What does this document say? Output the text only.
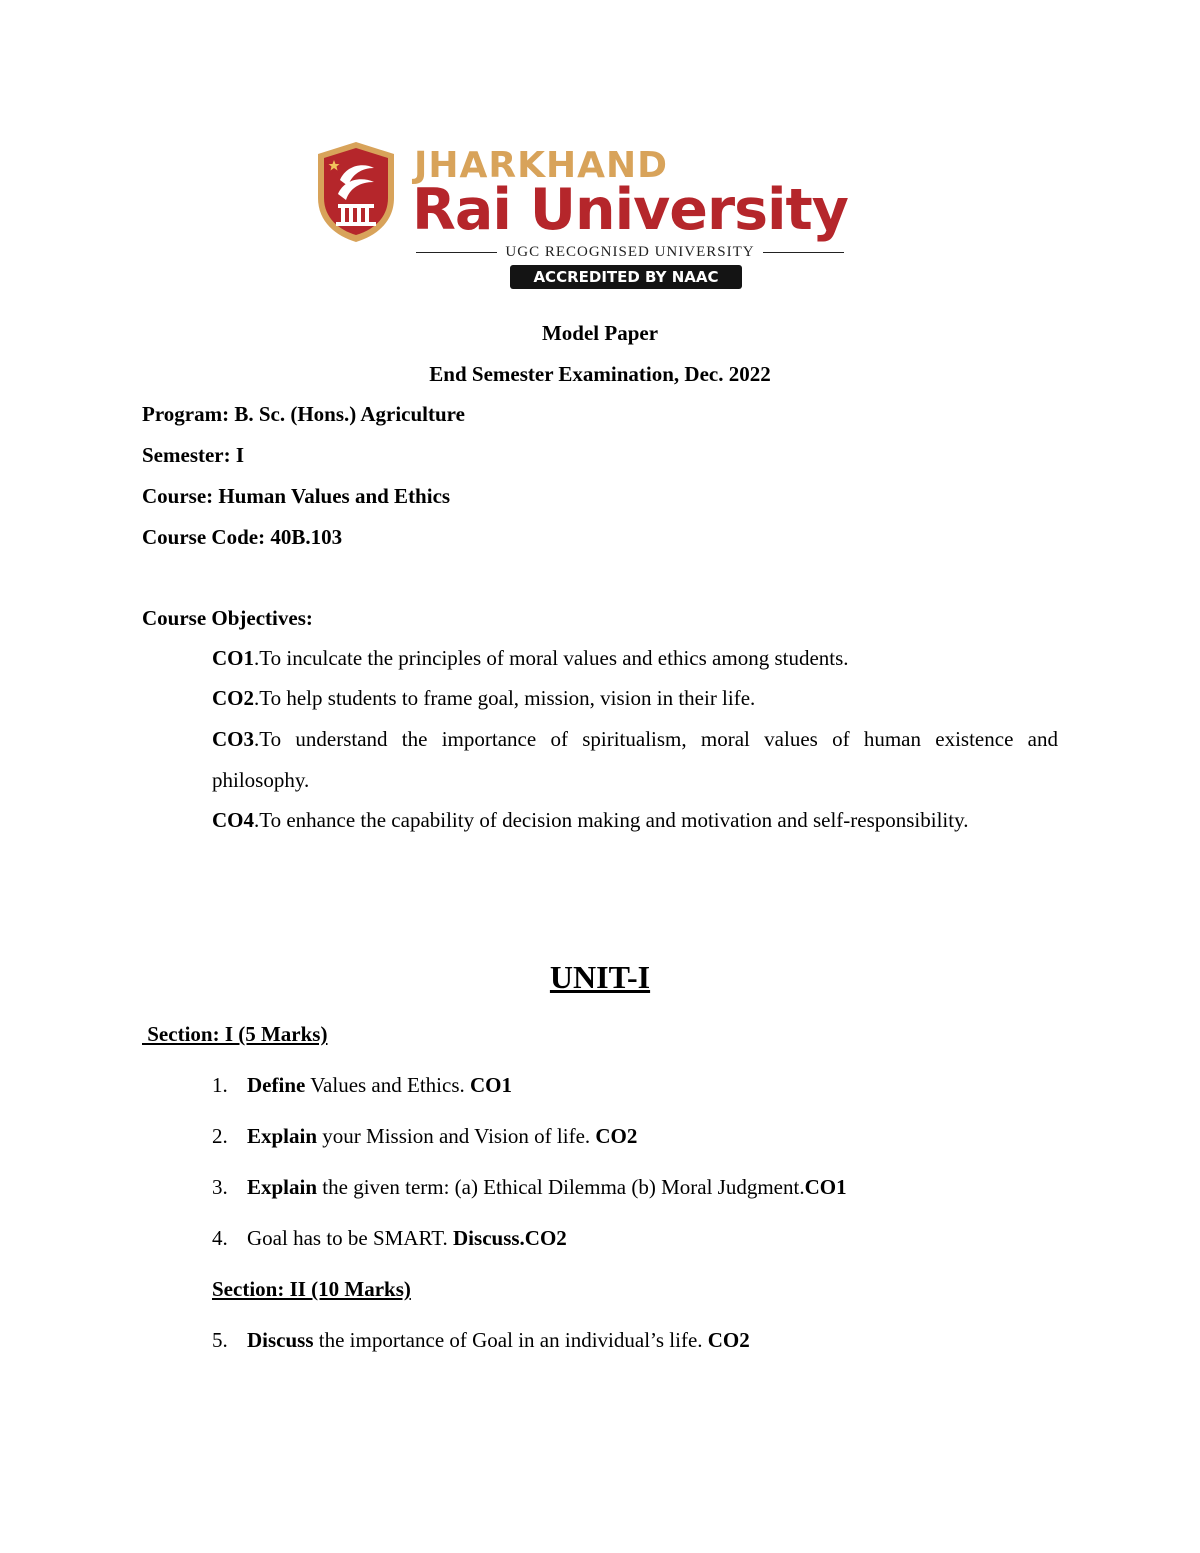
JHARKHAND
Rai University
UGC RECOGNISED UNIVERSITY
ACCREDITED BY NAAC
Model Paper
End Semester Examination, Dec. 2022
Program: B. Sc. (Hons.) Agriculture
Semester: I
Course: Human Values and Ethics
Course Code: 40B.103
Course Objectives:
CO1.To inculcate the principles of moral values and ethics among students.
CO2.To help students to frame goal, mission, vision in their life.
CO3.To understand the importance of spiritualism, moral values of human existence and philosophy.
CO4.To enhance the capability of decision making and motivation and self-responsibility.
UNIT-I
Section: I (5 Marks)
1. Define Values and Ethics. CO1
2. Explain your Mission and Vision of life. CO2
3. Explain the given term: (a) Ethical Dilemma (b) Moral Judgment.CO1
4. Goal has to be SMART. Discuss.CO2
Section: II (10 Marks)
5. Discuss the importance of Goal in an individual’s life. CO2
